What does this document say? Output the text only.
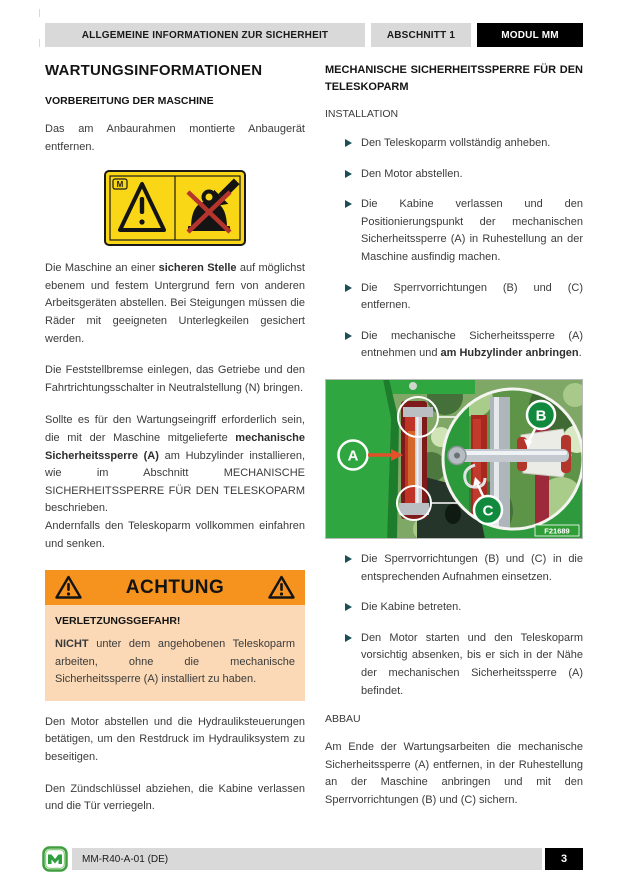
ALLGEMEINE INFORMATIONEN ZUR SICHERHEIT	ABSCHNITT 1	MODUL MM
WARTUNGSINFORMATIONEN
VORBEREITUNG DER MASCHINE

Das am Anbaurahmen montierte Anbaugerät entfernen.

M

Die Maschine an einer sicheren Stelle auf möglichst ebenem und festem Untergrund fern von anderen Arbeitsgeräten abstellen. Bei Steigungen müssen die Räder mit geeigneten Unterlegkeilen gesichert werden.

Die Feststellbremse einlegen, das Getriebe und den Fahrtrichtungsschalter in Neutralstellung (N) bringen.

Sollte es für den Wartungseingriff erforderlich sein, die mit der Maschine mitgelieferte mechanische Sicherheitssperre (A) am Hubzylinder installieren, wie im Abschnitt MECHANISCHE SICHERHEITSSPERRE FÜR DEN TELESKOPARM beschrieben.

Andernfalls den Teleskoparm vollkommen einfahren und senken.

ACHTUNG
VERLETZUNGSGEFAHR!
NICHT unter dem angehobenen Teleskoparm arbeiten, ohne die mechanische Sicherheitssperre (A) installiert zu haben.

Den Motor abstellen und die Hydrauliksteuerungen betätigen, um den Restdruck im Hydrauliksystem zu beseitigen.

Den Zündschlüssel abziehen, die Kabine verlassen und die Tür verriegeln.

MECHANISCHE SICHERHEITSSPERRE FÜR DEN TELESKOPARM
INSTALLATION
Den Teleskoparm vollständig anheben.
Den Motor abstellen.
Die Kabine verlassen und den Positionierungspunkt der mechanischen Sicherheitssperre (A) in Ruhestellung an der Maschine ausfindig machen.
Die Sperrvorrichtungen (B) und (C) entfernen.
Die mechanische Sicherheitssperre (A) entnehmen und am Hubzylinder anbringen.
A
B
C
F21689
Die Sperrvorrichtungen (B) und (C) in die entsprechenden Aufnahmen einsetzen.
Die Kabine betreten.
Den Motor starten und den Teleskoparm vorsichtig absenken, bis er sich in der Nähe der mechanischen Sicherheitssperre (A) befindet.
ABBAU

Am Ende der Wartungsarbeiten die mechanische Sicherheitssperre (A) entfernen, in der Ruhestellung an der Maschine anbringen und mit den Sperrvorrichtungen (B) und (C) sichern.

MM-R40-A-01 (DE)	3
